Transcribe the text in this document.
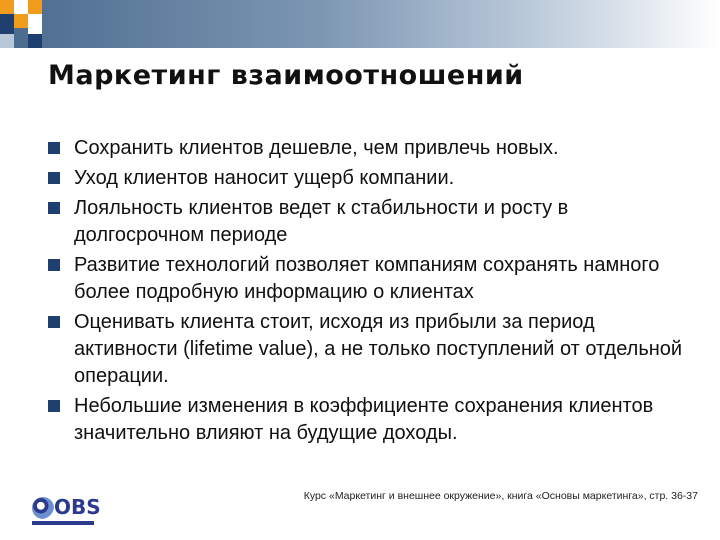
Маркетинг взаимоотношений
Сохранить клиентов дешевле, чем привлечь новых.
Уход клиентов наносит ущерб компании.
Лояльность клиентов ведет к стабильности и росту в долгосрочном периоде
Развитие технологий позволяет компаниям сохранять намного более подробную информацию о клиентах
Оценивать клиента стоит, исходя из прибыли за период активности (lifetime value), а не только поступлений от отдельной операции.
Небольшие изменения в коэффициенте сохранения клиентов значительно влияют на будущие доходы.
OBS	Курс «Маркетинг и внешнее окружение», книга «Основы маркетинга», стр. 36-37
